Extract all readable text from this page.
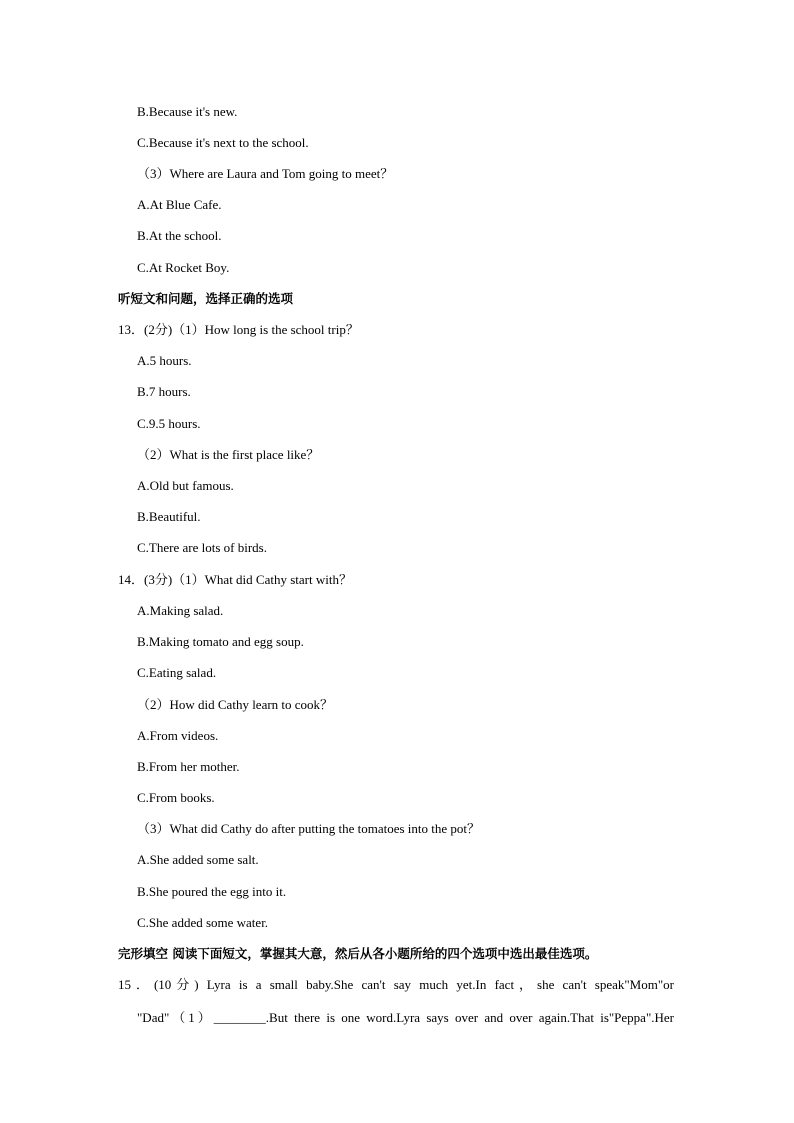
B.Because it's new.
C.Because it's next to the school.
（3）Where are Laura and Tom going to meet？
A.At Blue Cafe.
B.At the school.
C.At Rocket Boy.
听短文和问题，选择正确的选项
13．(2分)（1）How long is the school trip？
A.5 hours.
B.7 hours.
C.9.5 hours.
（2）What is the first place like？
A.Old but famous.
B.Beautiful.
C.There are lots of birds.
14．(3分)（1）What did Cathy start with？
A.Making salad.
B.Making tomato and egg soup.
C.Eating salad.
（2）How did Cathy learn to cook？
A.From videos.
B.From her mother.
C.From books.
（3）What did Cathy do after putting the tomatoes into the pot？
A.She added some salt.
B.She poured the egg into it.
C.She added some water.
完形填空 阅读下面短文，掌握其大意，然后从各小题所给的四个选项中选出最佳选项。
15．(10分) Lyra is a small baby.She can't say much yet.In fact，she can't speak"Mom"or
"Dad"（1）________.But there is one word.Lyra says over and over again.That is"Peppa".Her
